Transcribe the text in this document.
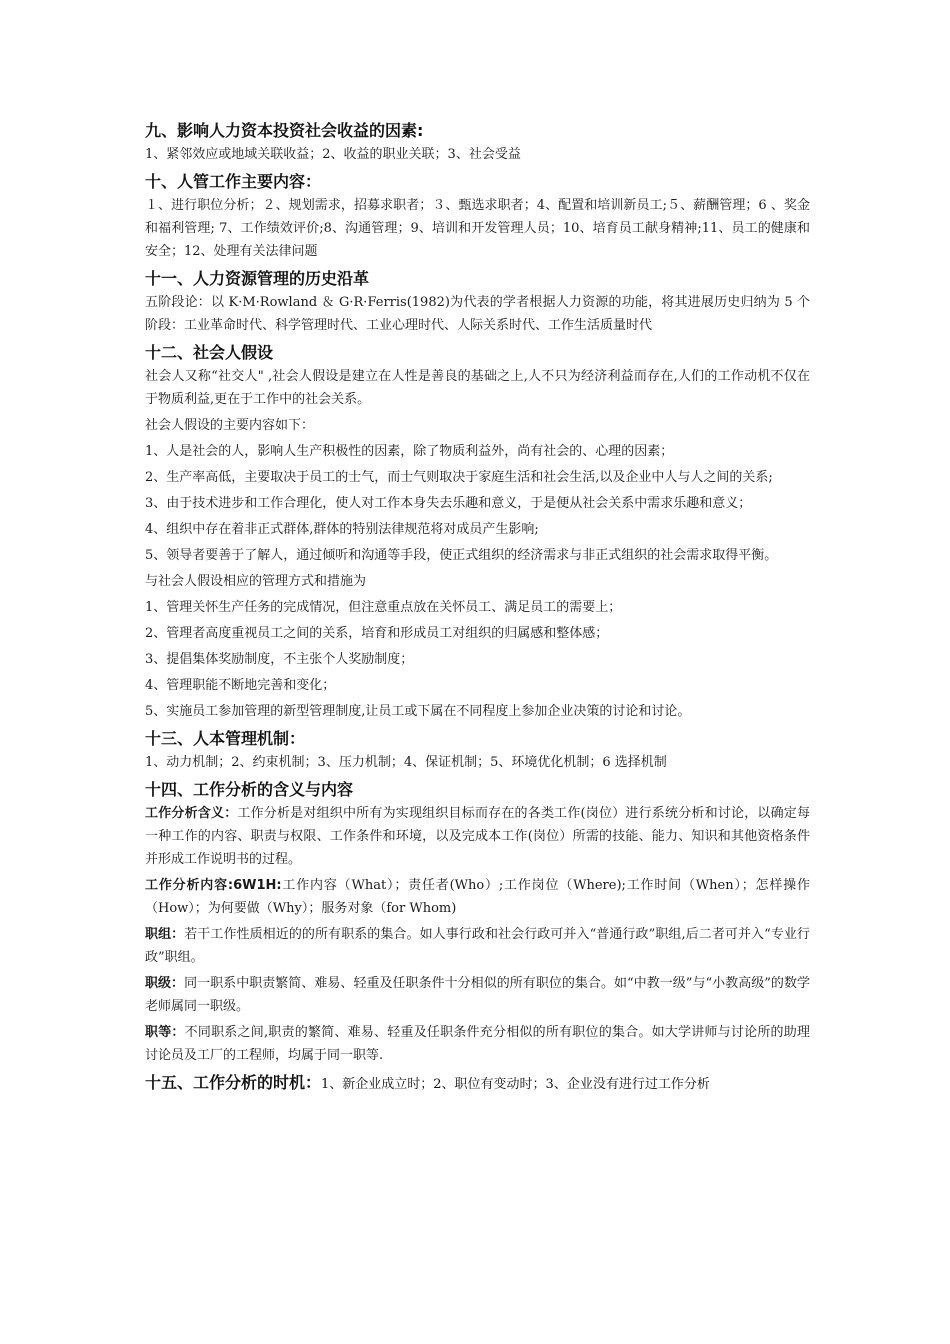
九、影响人力资本投资社会收益的因素:

1、紧邻效应或地域关联收益；2、收益的职业关联；3、社会受益

十、人管工作主要内容：

１、进行职位分析；２、规划需求，招募求职者；３、甄选求职者；4、配置和培训新员工;５、薪酬管理；6 、奖金和福利管理; 7、工作绩效评价;8、沟通管理；9、培训和开发管理人员；10、培育员工献身精神;11、员工的健康和安全；12、处理有关法律问题

十一、人力资源管理的历史沿革

五阶段论：以 K·M·Rowland ＆ G·R·Ferris(1982)为代表的学者根据人力资源的功能，将其进展历史归纳为 5 个阶段：工业革命时代、科学管理时代、工业心理时代、人际关系时代、工作生活质量时代

十二、社会人假设

社会人又称“社交人" ,社会人假设是建立在人性是善良的基础之上,人不只为经济利益而存在,人们的工作动机不仅在于物质利益,更在于工作中的社会关系。

社会人假设的主要内容如下：

1、人是社会的人，影响人生产积极性的因素，除了物质利益外，尚有社会的、心理的因素；

2、生产率高低，主要取决于员工的士气，而士气则取决于家庭生活和社会生活,以及企业中人与人之间的关系;

3、由于技术进步和工作合理化，使人对工作本身失去乐趣和意义，于是便从社会关系中需求乐趣和意义；

4、组织中存在着非正式群体,群体的特别法律规范将对成员产生影响;

5、领导者要善于了解人，通过倾听和沟通等手段，使正式组织的经济需求与非正式组织的社会需求取得平衡。

与社会人假设相应的管理方式和措施为

1、管理关怀生产任务的完成情况，但注意重点放在关怀员工、满足员工的需要上；

2、管理者高度重视员工之间的关系，培育和形成员工对组织的归属感和整体感；

3、提倡集体奖励制度，不主张个人奖励制度；

4、管理职能不断地完善和变化；

5、实施员工参加管理的新型管理制度,让员工或下属在不同程度上参加企业决策的讨论和讨论。

十三、人本管理机制：

1、动力机制；2、约束机制；3、压力机制；4、保证机制；5、环境优化机制；6 选择机制

十四、工作分析的含义与内容

工作分析含义：工作分析是对组织中所有为实现组织目标而存在的各类工作(岗位）进行系统分析和讨论，以确定每一种工作的内容、职责与权限、工作条件和环境，以及完成本工作(岗位）所需的技能、能力、知识和其他资格条件并形成工作说明书的过程。

工作分析内容:6W1H:工作内容（What）；责任者(Who）;工作岗位（Where);工作时间（When）；怎样操作（How）；为何要做（Why）；服务对象（for Whom)

职组：若干工作性质相近的的所有职系的集合。如人事行政和社会行政可并入“普通行政”职组,后二者可并入“专业行政”职组。

职级：同一职系中职责繁简、难易、轻重及任职条件十分相似的所有职位的集合。如“中教一级”与“小教高级”的数学老师属同一职级。

职等：不同职系之间,职责的繁简、难易、轻重及任职条件充分相似的所有职位的集合。如大学讲师与讨论所的助理讨论员及工厂的工程师，均属于同一职等.

十五、工作分析的时机：1、新企业成立时；2、职位有变动时；3、企业没有进行过工作分析
